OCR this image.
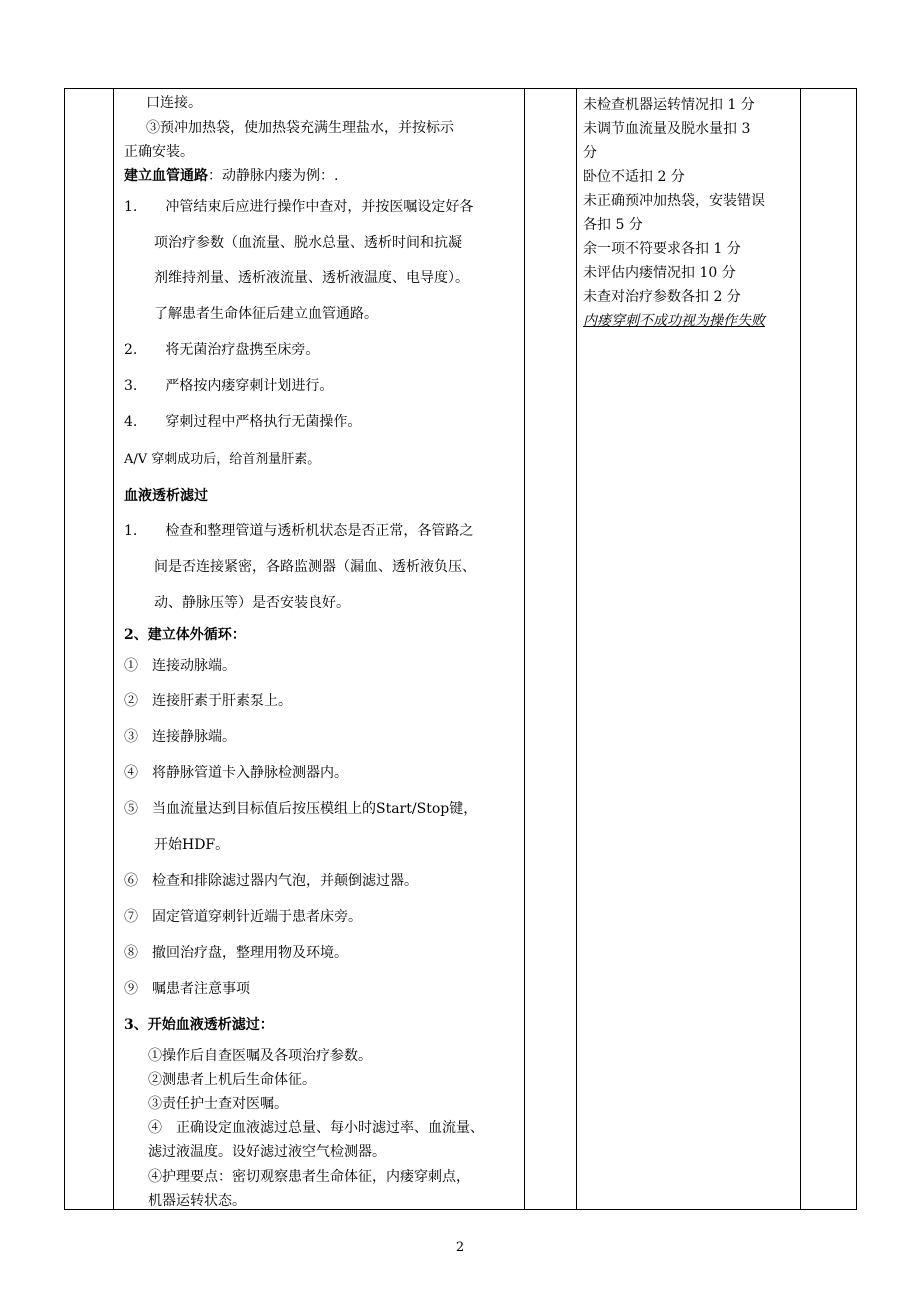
口连接。
③预冲加热袋，使加热袋充满生理盐水，并按标示
正确安装。
建立血管通路：动静脉内瘘为例：.
1.　　冲管结束后应进行操作中查对，并按医嘱设定好各
项治疗参数（血流量、脱水总量、透析时间和抗凝
剂维持剂量、透析液流量、透析液温度、电导度）。
了解患者生命体征后建立血管通路。
2.　　将无菌治疗盘携至床旁。
3.　　严格按内瘘穿刺计划进行。
4.　　穿刺过程中严格执行无菌操作。
A/V 穿刺成功后，给首剂量肝素。
血液透析滤过
1.　　检查和整理管道与透析机状态是否正常，各管路之
间是否连接紧密，各路监测器（漏血、透析液负压、
动、静脉压等）是否安装良好。
2、建立体外循环：
①　连接动脉端。
②　连接肝素于肝素泵上。
③　连接静脉端。
④　将静脉管道卡入静脉检测器内。
⑤　当血流量达到目标值后按压模组上的Start/Stop键，
开始HDF。
⑥　检查和排除滤过器内气泡，并颠倒滤过器。
⑦　固定管道穿刺针近端于患者床旁。
⑧　撤回治疗盘，整理用物及环境。
⑨　嘱患者注意事项
3、开始血液透析滤过：
①操作后自查医嘱及各项治疗参数。
②测患者上机后生命体征。
③责任护士查对医嘱。
④　正确设定血液滤过总量、每小时滤过率、血流量、
滤过液温度。设好滤过液空气检测器。
④护理要点：密切观察患者生命体征，内瘘穿刺点，
机器运转状态。
未检查机器运转情况扣 1 分
未调节血流量及脱水量扣 3
分
卧位不适扣 2 分
未正确预冲加热袋，安装错误
各扣 5 分
余一项不符要求各扣 1 分
未评估内瘘情况扣 10 分
未查对治疗参数各扣 2 分
内瘘穿刺不成功视为操作失败
2
